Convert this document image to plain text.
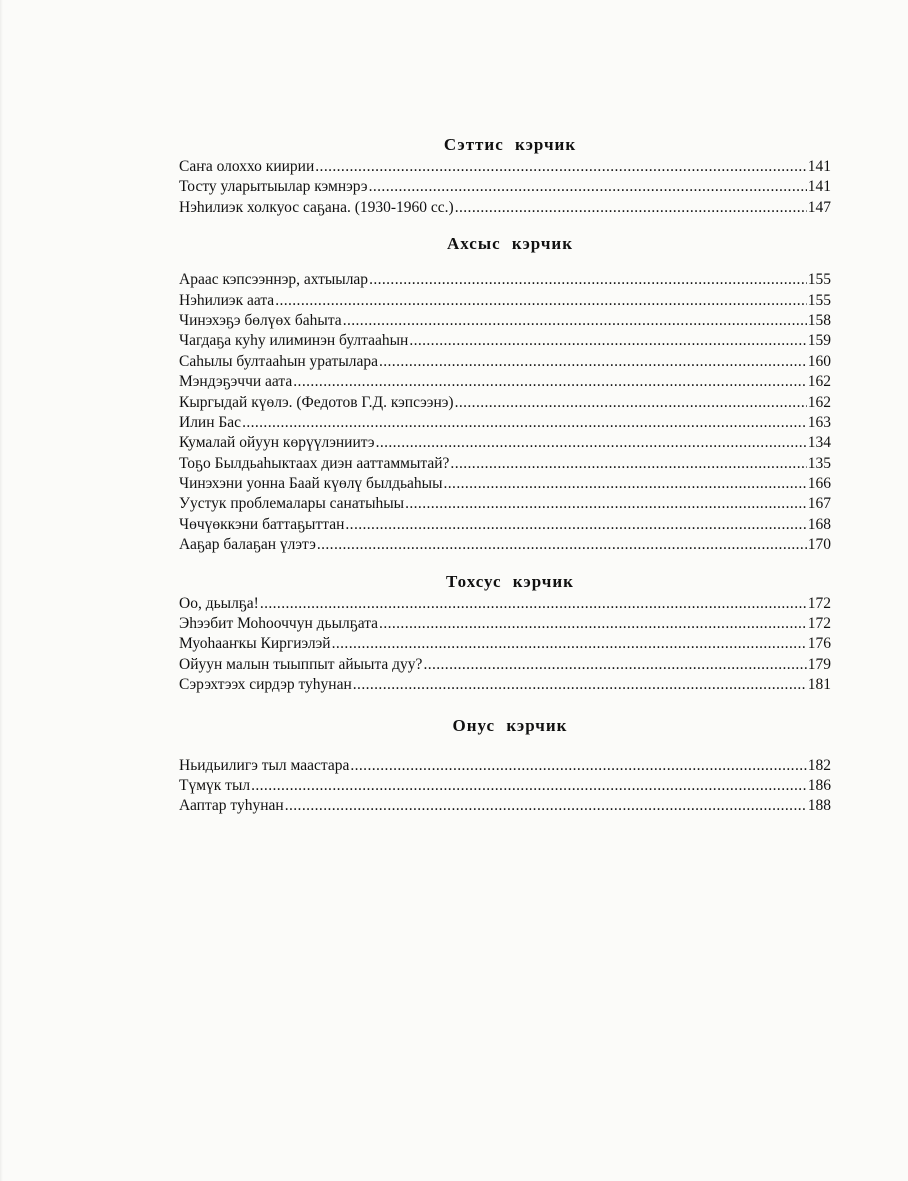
Сэттис кэрчик
Саҥа олоххо киирии .....	141
Тосту уларытыылар кэмнэрэ .....	141
Нэһилиэк холкуос саҕана. (1930-1960 сс.) .....	147
Ахсыс кэрчик
Араас кэпсээннэр, ахтыылар .....	155
Нэһилиэк аата .....	155
Чинэхэҕэ бөлүөх баһыта .....	158
Чагдаҕа куһу илиминэн бултааһын .....	159
Саһылы бултааһын уратылара .....	160
Мэндэҕэччи аата .....	162
Кыргыдай күөлэ. (Федотов Г.Д. кэпсээнэ) .....	162
Илин Бас .....	163
Кумалай ойуун көрүүлэниитэ .....	134
Тоҕо Былдьаһыктаах диэн ааттаммытай? .....	135
Чинэхэни уонна Баай күөлү былдьаһыы .....	166
Уустук проблемалары санатыһыы .....	167
Чөчүөккэни баттаҕыттан .....	168
Ааҕар балаҕан үлэтэ .....	170
Тохсус кэрчик
Оо, дьылҕа! .....	172
Эһээбит Моһооччун дьылҕата .....	172
Муоһааҥкы Киргиэлэй .....	176
Ойуун малын тыыппыт айыыта дуу? .....	179
Сэрэхтээх сирдэр туһунан .....	181
Онус кэрчик
Ньидьилигэ тыл маастара .....	182
Түмүк тыл .....	186
Ааптар туһунан .....	188
